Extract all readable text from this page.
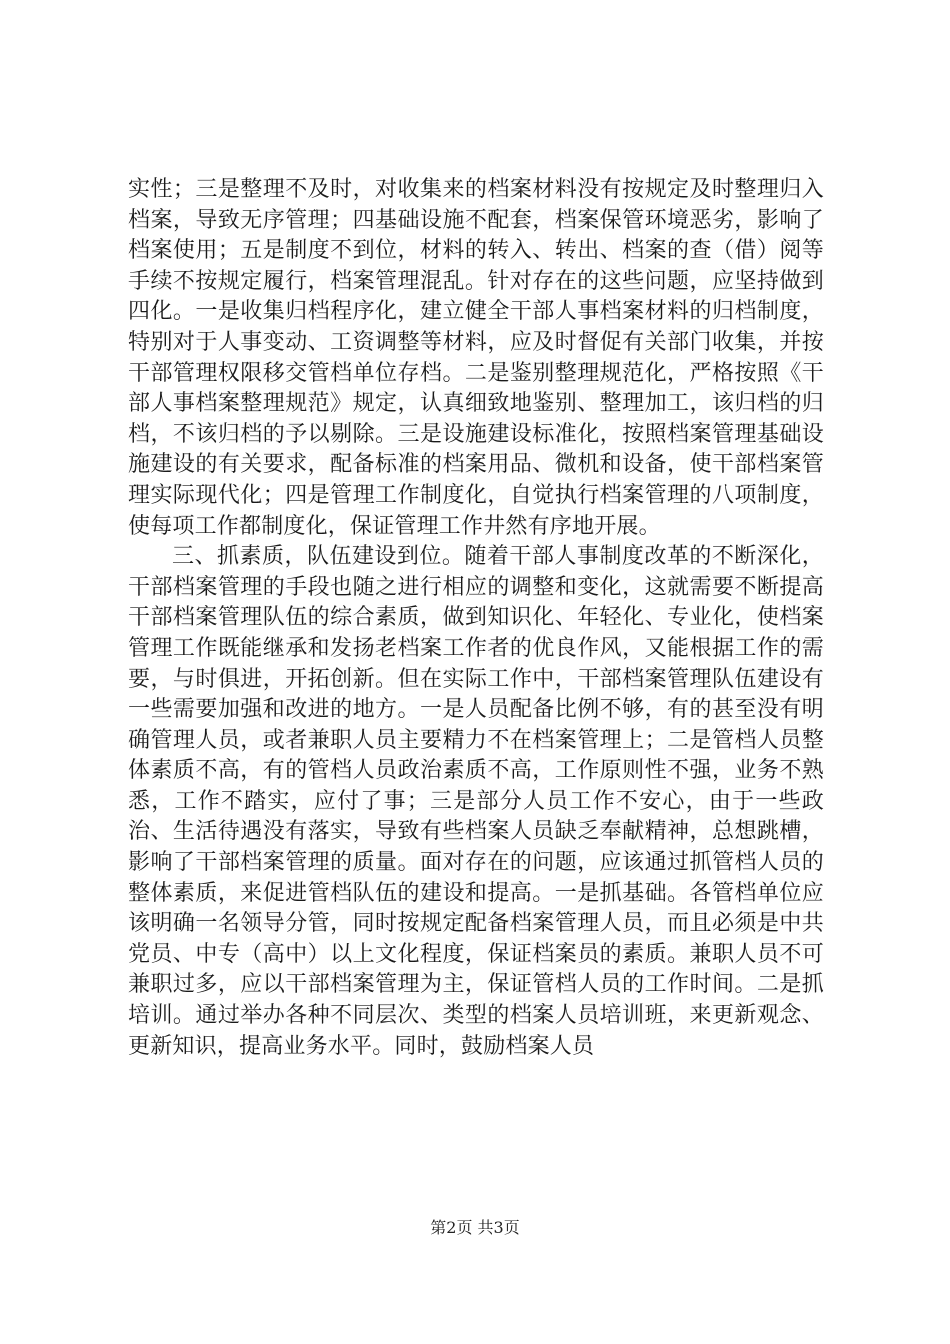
实性；三是整理不及时，对收集来的档案材料没有按规定及时整理归入档案，导致无序管理；四基础设施不配套，档案保管环境恶劣，影响了档案使用；五是制度不到位，材料的转入、转出、档案的查（借）阅等手续不按规定履行，档案管理混乱。针对存在的这些问题，应坚持做到四化。一是收集归档程序化，建立健全干部人事档案材料的归档制度，特别对于人事变动、工资调整等材料，应及时督促有关部门收集，并按干部管理权限移交管档单位存档。二是鉴别整理规范化，严格按照《干部人事档案整理规范》规定，认真细致地鉴别、整理加工，该归档的归档，不该归档的予以剔除。三是设施建设标准化，按照档案管理基础设施建设的有关要求，配备标准的档案用品、微机和设备，使干部档案管理实际现代化；四是管理工作制度化，自觉执行档案管理的八项制度，使每项工作都制度化，保证管理工作井然有序地开展。

三、抓素质，队伍建设到位。随着干部人事制度改革的不断深化，干部档案管理的手段也随之进行相应的调整和变化，这就需要不断提高干部档案管理队伍的综合素质，做到知识化、年轻化、专业化，使档案管理工作既能继承和发扬老档案工作者的优良作风，又能根据工作的需要，与时俱进，开拓创新。但在实际工作中，干部档案管理队伍建设有一些需要加强和改进的地方。一是人员配备比例不够，有的甚至没有明确管理人员，或者兼职人员主要精力不在档案管理上；二是管档人员整体素质不高，有的管档人员政治素质不高，工作原则性不强，业务不熟悉，工作不踏实，应付了事；三是部分人员工作不安心，由于一些政治、生活待遇没有落实，导致有些档案人员缺乏奉献精神，总想跳槽，影响了干部档案管理的质量。面对存在的问题，应该通过抓管档人员的整体素质，来促进管档队伍的建设和提高。一是抓基础。各管档单位应该明确一名领导分管，同时按规定配备档案管理人员，而且必须是中共党员、中专（高中）以上文化程度，保证档案员的素质。兼职人员不可兼职过多，应以干部档案管理为主，保证管档人员的工作时间。二是抓培训。通过举办各种不同层次、类型的档案人员培训班，来更新观念、更新知识，提高业务水平。同时，鼓励档案人员

第2页 共3页
